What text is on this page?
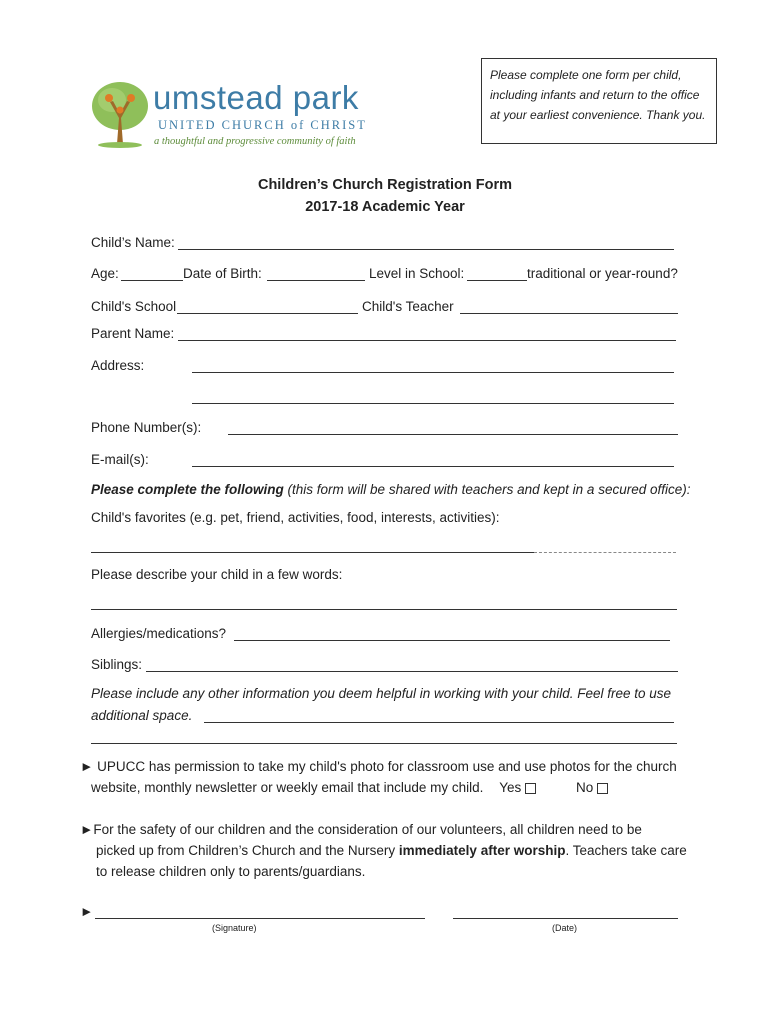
umstead park
UNITED CHURCH of CHRIST
a thoughtful and progressive community of faith
Please complete one form per child, including infants and return to the office at your earliest convenience. Thank you.
Children’s Church Registration Form
2017-18 Academic Year
Child’s Name:
Age:	Date of Birth:	Level in School:	traditional or year-round?
Child's School	Child's Teacher
Parent Name:
Address:
Phone Number(s):
E-mail(s):
Please complete the following (this form will be shared with teachers and kept in a secured office):
Child's favorites (e.g. pet, friend, activities, food, interests, activities):
Please describe your child in a few words:
Allergies/medications?
Siblings:
Please include any other information you deem helpful in working with your child. Feel free to use
additional space.
► UPUCC has permission to take my child's photo for classroom use and use photos for the church
website, monthly newsletter or weekly email that include my child. Yes	No
►For the safety of our children and the consideration of our volunteers, all children need to be
picked up from Children’s Church and the Nursery immediately after worship. Teachers take care
to release children only to parents/guardians.
►
(Signature)	(Date)
